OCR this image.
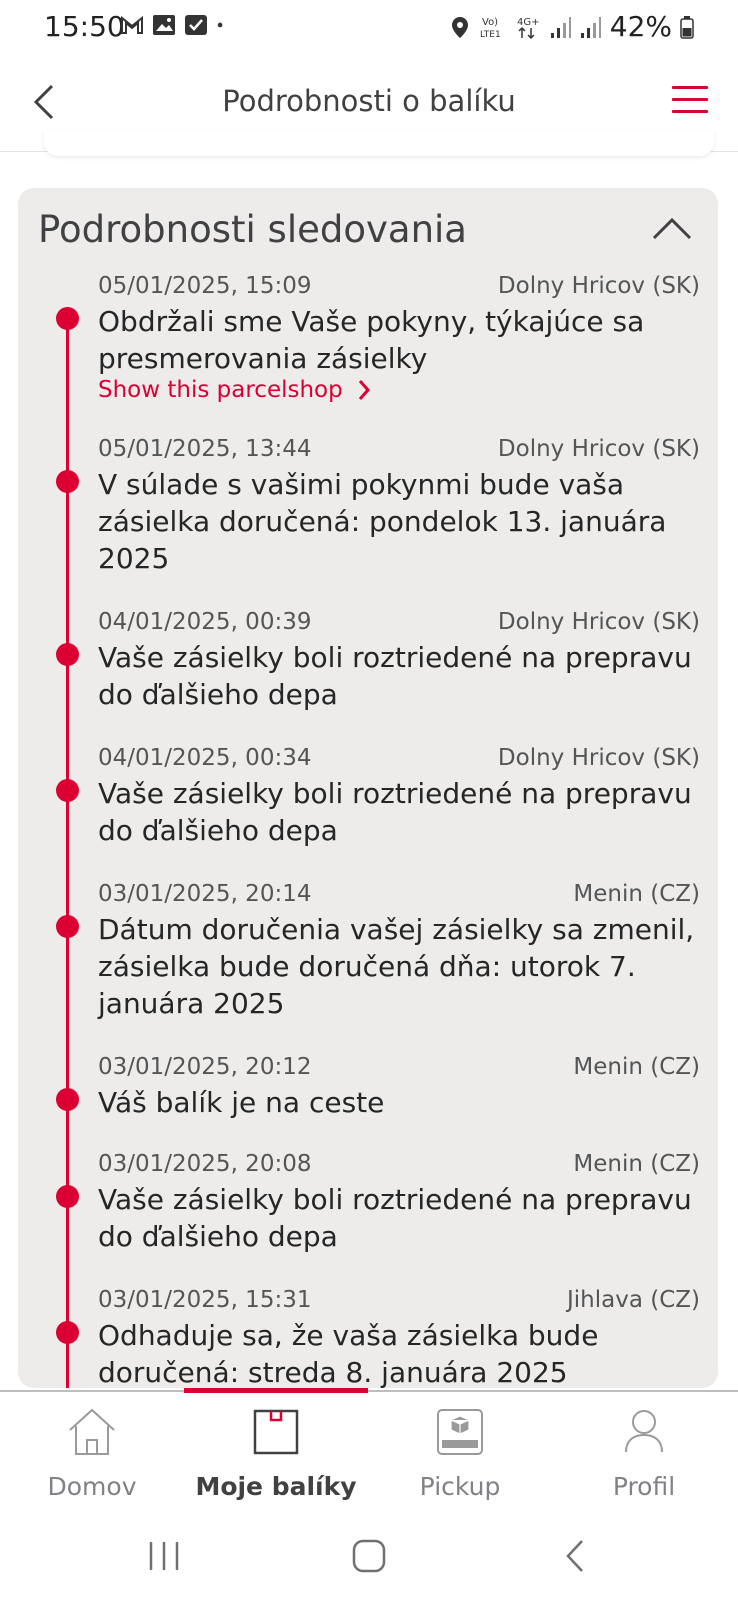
15:50	Vo)
LTE1
4G+	42%
Podrobnosti o balíku
Podrobnosti sledovania
05/01/2025, 15:09	Dolny Hricov (SK)
Obdržali sme Vaše pokyny, týkajúce sa presmerovania zásielky
Show this parcelshop
05/01/2025, 13:44	Dolny Hricov (SK)
V súlade s vašimi pokynmi bude vaša zásielka doručená: pondelok 13. januára 2025
04/01/2025, 00:39	Dolny Hricov (SK)
Vaše zásielky boli roztriedené na prepravu do ďalšieho depa
04/01/2025, 00:34	Dolny Hricov (SK)
Vaše zásielky boli roztriedené na prepravu do ďalšieho depa
03/01/2025, 20:14	Menin (CZ)
Dátum doručenia vašej zásielky sa zmenil, zásielka bude doručená dňa: utorok 7. januára 2025
03/01/2025, 20:12	Menin (CZ)
Váš balík je na ceste
03/01/2025, 20:08	Menin (CZ)
Vaše zásielky boli roztriedené na prepravu do ďalšieho depa
03/01/2025, 15:31	Jihlava (CZ)
Odhaduje sa, že vaša zásielka bude doručená: streda 8. januára 2025
Domov	Moje balíky	Pickup	Profil
